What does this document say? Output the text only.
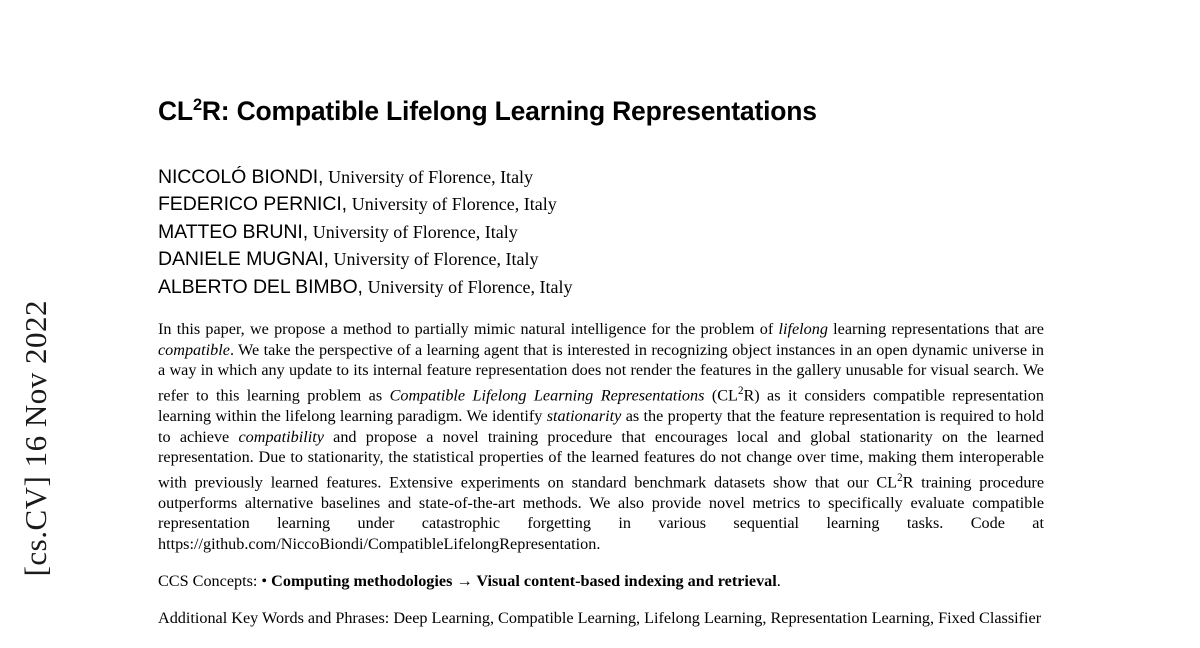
[cs.CV] 16 Nov 2022
$CL^2R$: Compatible Lifelong Learning Representations
NICCOLÓ BIONDI, University of Florence, Italy
FEDERICO PERNICI, University of Florence, Italy
MATTEO BRUNI, University of Florence, Italy
DANIELE MUGNAI, University of Florence, Italy
ALBERTO DEL BIMBO, University of Florence, Italy

In this paper, we propose a method to partially mimic natural intelligence for the problem of lifelong learning representations that are compatible. We take the perspective of a learning agent that is interested in recognizing object instances in an open dynamic universe in a way in which any update to its internal feature representation does not render the features in the gallery unusable for visual search. We refer to this learning problem as Compatible Lifelong Learning Representations $(CL^2R)$ as it considers compatible representation learning within the lifelong learning paradigm. We identify stationarity as the property that the feature representation is required to hold to achieve compatibility and propose a novel training procedure that encourages local and global stationarity on the learned representation. Due to stationarity, the statistical properties of the learned features do not change over time, making them interoperable with previously learned features. Extensive experiments on standard benchmark datasets show that our $CL^2R$ training procedure outperforms alternative baselines and state-of-the-art methods. We also provide novel metrics to specifically evaluate compatible representation learning under catastrophic forgetting in various sequential learning tasks. Code at https://github.com/NiccoBiondi/CompatibleLifelongRepresentation.

CCS Concepts: • Computing methodologies → Visual content-based indexing and retrieval.

Additional Key Words and Phrases: Deep Learning, Compatible Learning, Lifelong Learning, Representation Learning, Fixed Classifier
